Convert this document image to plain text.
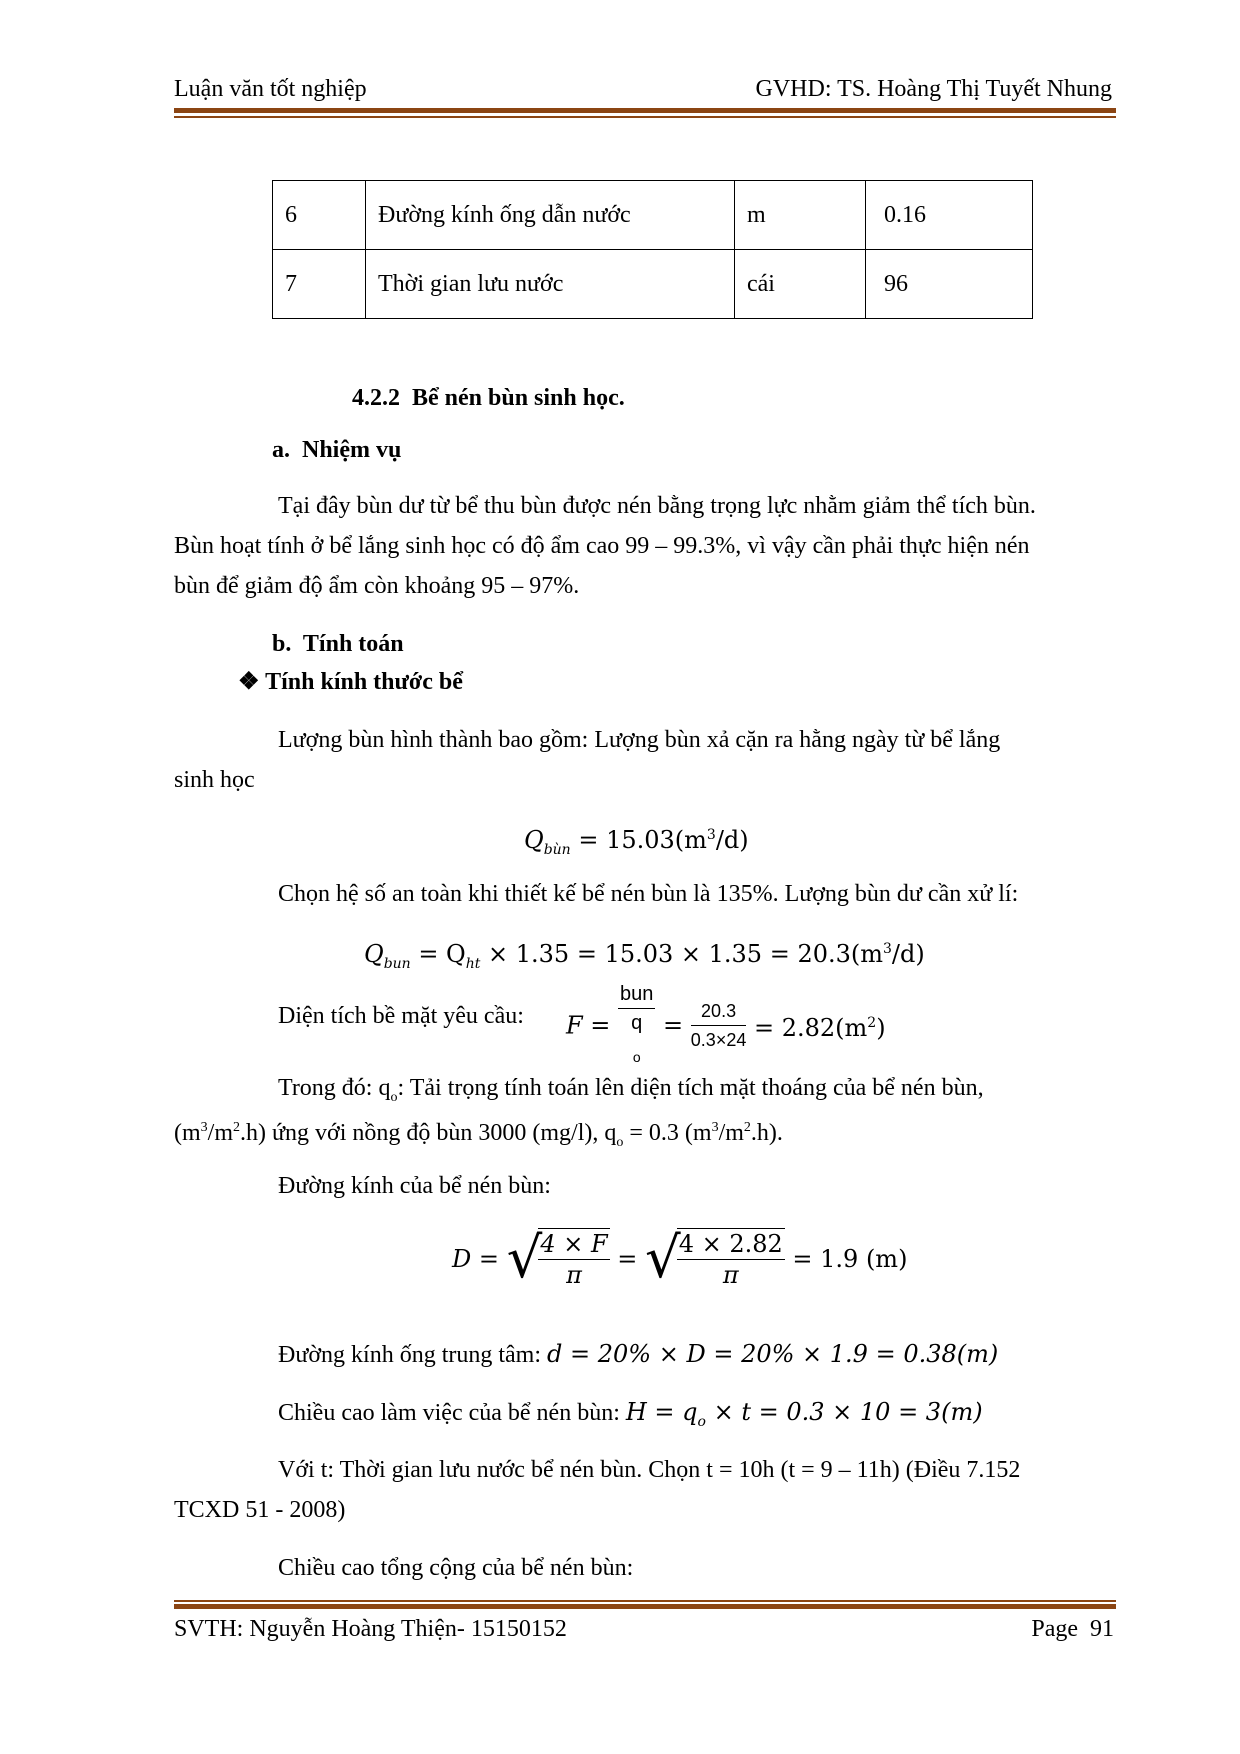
Luận văn tốt nghiệp	GVHD: TS. Hoàng Thị Tuyết Nhung
6	Đường kính ống dẫn nước	m	0.16
7	Thời gian lưu nước	cái	96
4.2.2  Bể nén bùn sinh học.
a.  Nhiệm vụ
Tại đây bùn dư từ bể thu bùn được nén bằng trọng lực nhằm giảm thể tích bùn.
Bùn hoạt tính ở bể lắng sinh học có độ ẩm cao 99 – 99.3%, vì vậy cần phải thực hiện nén
bùn để giảm độ ẩm còn khoảng 95 – 97%.
b.  Tính toán
❖ Tính kính thước bể
Lượng bùn hình thành bao gồm: Lượng bùn xả cặn ra hằng ngày từ bể lắng
sinh học
$Q_{bùn} = 15.03(m^3/d)$
Chọn hệ số an toàn khi thiết kế bể nén bùn là 135%. Lượng bùn dư cần xử lí:
$Q_{bun} = Q_{ht} \times 1.35 = 15.03 \times 1.35 = 20.3(m^3/d)$
Diện tích bề mặt yêu cầu: F = bun
q
$_o = \frac{20.3}{0.3\times 24} = 2.82(m^2)$
Trong đó: $q_o$: Tải trọng tính toán lên diện tích mặt thoáng của bể nén bùn,
$(m^3/m^2.h)$ ứng với nồng độ bùn 3000 (mg/l), $q_o = 0.3$ $(m^3/m^2.h)$.
Đường kính của bể nén bùn:
D = √
$\frac{4 \times F}{\pi}$ = √
$\frac{4 \times 2.82}{\pi} = 1.9$ (m)
Đường kính ống trung tâm: d = 20% × D = 20% × 1.9 = 0.38(m)
Chiều cao làm việc của bể nén bùn: $H = q_o \times t = 0.3 \times 10 = 3(m)$
Với t: Thời gian lưu nước bể nén bùn. Chọn t = 10h (t = 9 – 11h) (Điều 7.152
TCXD 51 - 2008)
Chiều cao tổng cộng của bể nén bùn:
SVTH: Nguyễn Hoàng Thiện- 15150152	Page  91
